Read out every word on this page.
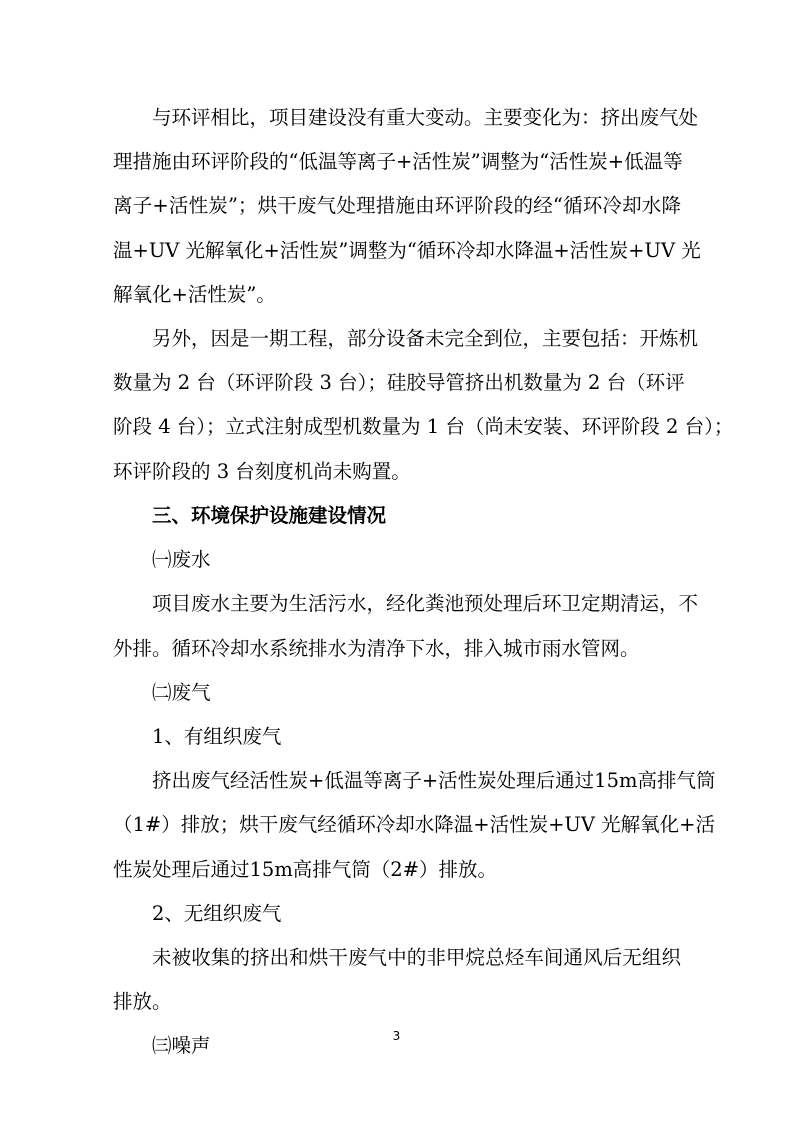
与环评相比，项目建设没有重大变动。主要变化为：挤出废气处
理措施由环评阶段的“低温等离子+活性炭”调整为“活性炭+低温等
离子+活性炭”；烘干废气处理措施由环评阶段的经“循环冷却水降
温+UV 光解氧化+活性炭”调整为“循环冷却水降温+活性炭+UV 光
解氧化+活性炭”。
另外，因是一期工程，部分设备未完全到位，主要包括：开炼机
数量为 2 台（环评阶段 3 台）；硅胶导管挤出机数量为 2 台（环评
阶段 4 台）；立式注射成型机数量为 1 台（尚未安装、环评阶段 2 台）；
环评阶段的 3 台刻度机尚未购置。
三、环境保护设施建设情况
㈠废水
项目废水主要为生活污水，经化粪池预处理后环卫定期清运，不
外排。循环冷却水系统排水为清净下水，排入城市雨水管网。
㈡废气
1、有组织废气
挤出废气经活性炭+低温等离子+活性炭处理后通过15m高排气筒
（1#）排放；烘干废气经循环冷却水降温+活性炭+UV 光解氧化+活
性炭处理后通过15m高排气筒（2#）排放。
2、无组织废气
未被收集的挤出和烘干废气中的非甲烷总烃车间通风后无组织
排放。
㈢噪声	3
